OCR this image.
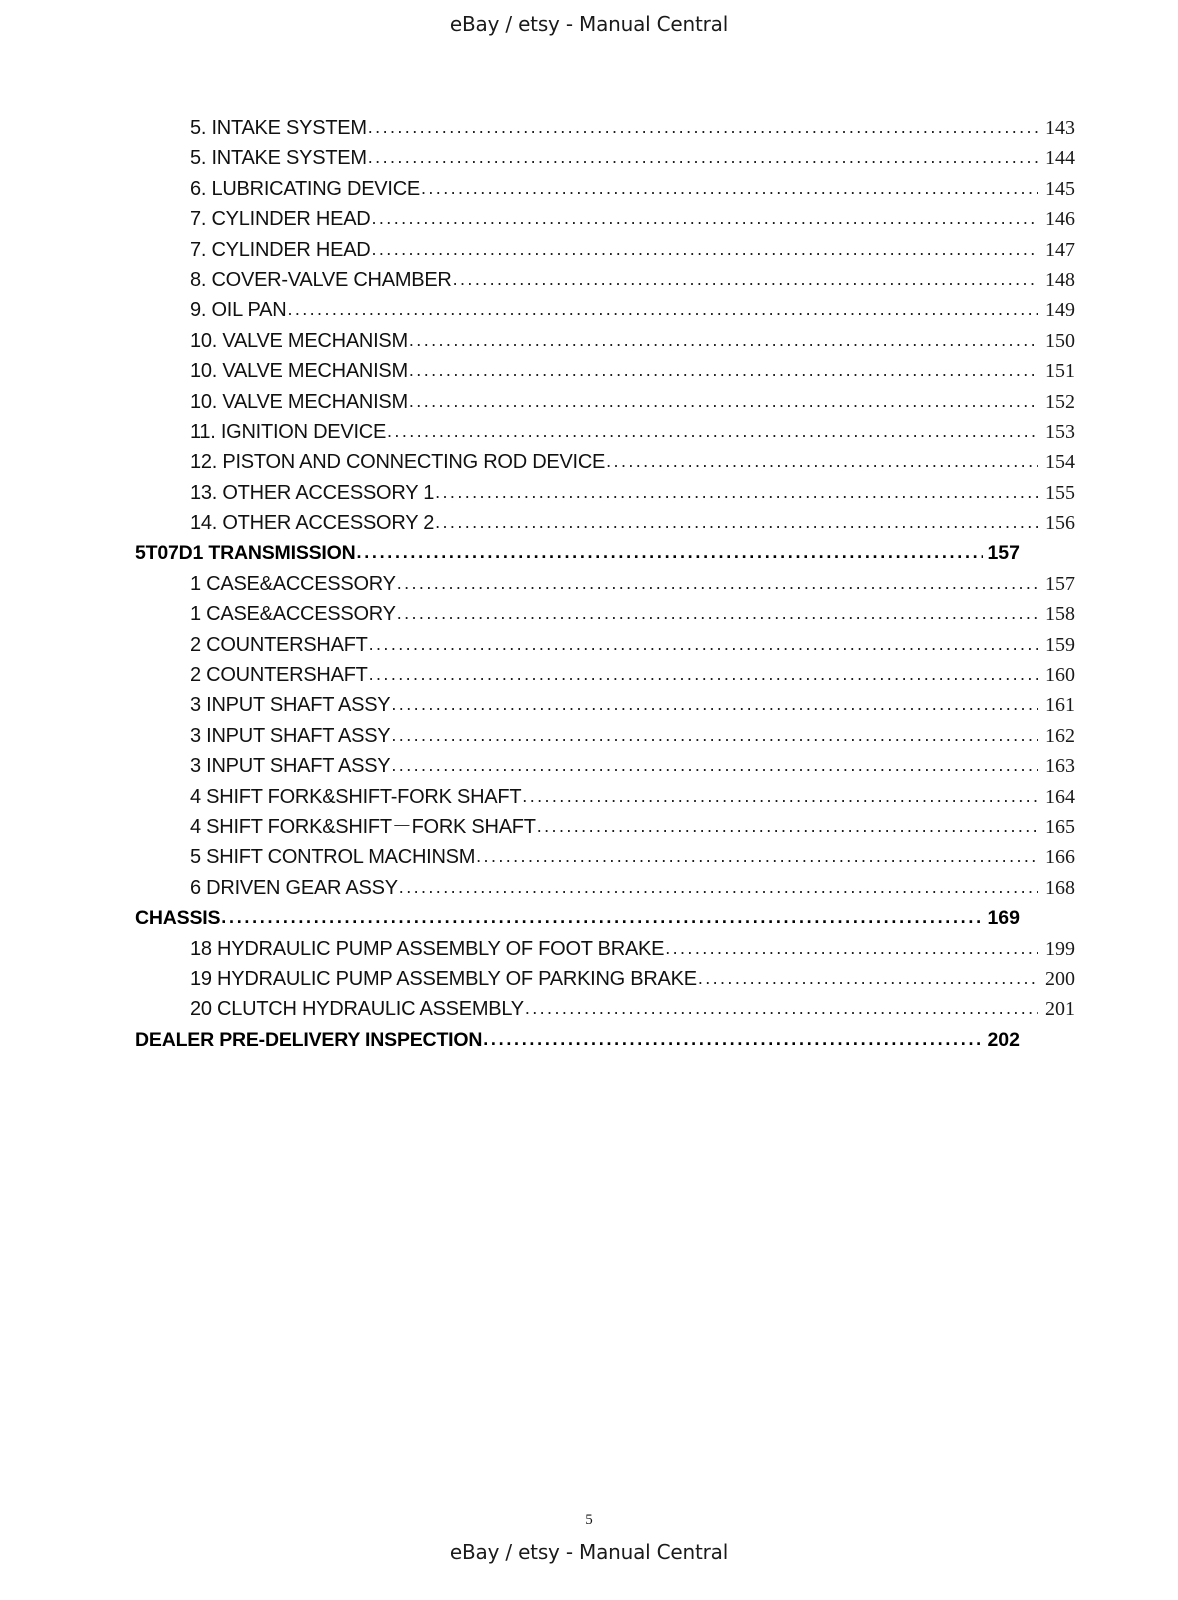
eBay / etsy - Manual Central
5. INTAKE SYSTEM . . .	143
5. INTAKE SYSTEM . . .	144
6. LUBRICATING DEVICE . . .	145
7. CYLINDER HEAD . . .	146
7. CYLINDER HEAD . . .	147
8. COVER-VALVE CHAMBER . . .	148
9. OIL PAN . . .	149
10. VALVE MECHANISM . . .	150
10. VALVE MECHANISM . . .	151
10. VALVE MECHANISM . . .	152
11. IGNITION DEVICE . . .	153
12. PISTON AND CONNECTING ROD DEVICE . . .	154
13. OTHER ACCESSORY 1 . . .	155
14. OTHER ACCESSORY 2 . . .	156
5T07D1 TRANSMISSION . . .	157
1 CASE&ACCESSORY . . .	157
1 CASE&ACCESSORY . . .	158
2 COUNTERSHAFT . . .	159
2 COUNTERSHAFT . . .	160
3 INPUT SHAFT ASSY . . .	161
3 INPUT SHAFT ASSY . . .	162
3 INPUT SHAFT ASSY . . .	163
4 SHIFT FORK&SHIFT-FORK SHAFT . . .	164
4 SHIFT FORK&SHIFT－FORK SHAFT . . .	165
5 SHIFT CONTROL MACHINSM . . .	166
6 DRIVEN GEAR ASSY . . .	168
CHASSIS . . .	169
18 HYDRAULIC PUMP ASSEMBLY OF FOOT BRAKE . . .	199
19 HYDRAULIC PUMP ASSEMBLY OF PARKING BRAKE . . .	200
20 CLUTCH HYDRAULIC ASSEMBLY . . .	201
DEALER PRE-DELIVERY INSPECTION . . .	202
5
eBay / etsy - Manual Central
